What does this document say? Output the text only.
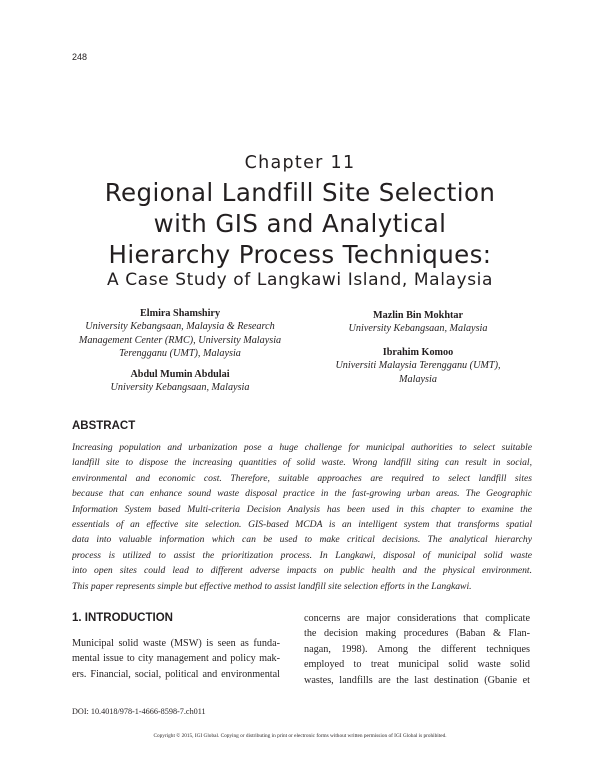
248
Chapter 11
Regional Landfill Site Selection
with GIS and Analytical
Hierarchy Process Techniques:
A Case Study of Langkawi Island, Malaysia
Elmira Shamshiry
University Kebangsaan, Malaysia & Research
Management Center (RMC), University Malaysia
Terengganu (UMT), Malaysia
Abdul Mumin Abdulai
University Kebangsaan, Malaysia
Mazlin Bin Mokhtar
University Kebangsaan, Malaysia
Ibrahim Komoo
Universiti Malaysia Terengganu (UMT),
Malaysia
ABSTRACT
Increasing population and urbanization pose a huge challenge for municipal authorities to select suitable
landfill site to dispose the increasing quantities of solid waste. Wrong landfill siting can result in social,
environmental and economic cost. Therefore, suitable approaches are required to select landfill sites
because that can enhance sound waste disposal practice in the fast-growing urban areas. The Geographic
Information System based Multi-criteria Decision Analysis has been used in this chapter to examine the
essentials of an effective site selection. GIS-based MCDA is an intelligent system that transforms spatial
data into valuable information which can be used to make critical decisions. The analytical hierarchy
process is utilized to assist the prioritization process. In Langkawi, disposal of municipal solid waste
into open sites could lead to different adverse impacts on public health and the physical environment.
This paper represents simple but effective method to assist landfill site selection efforts in the Langkawi.
1. INTRODUCTION
Municipal solid waste (MSW) is seen as funda-
mental issue to city management and policy mak-
ers. Financial, social, political and environmental
concerns are major considerations that complicate
the decision making procedures (Baban & Flan-
nagan, 1998). Among the different techniques
employed to treat municipal solid waste solid
wastes, landfills are the last destination (Gbanie et
DOI: 10.4018/978-1-4666-8598-7.ch011
Copyright © 2015, IGI Global. Copying or distributing in print or electronic forms without written permission of IGI Global is prohibited.
